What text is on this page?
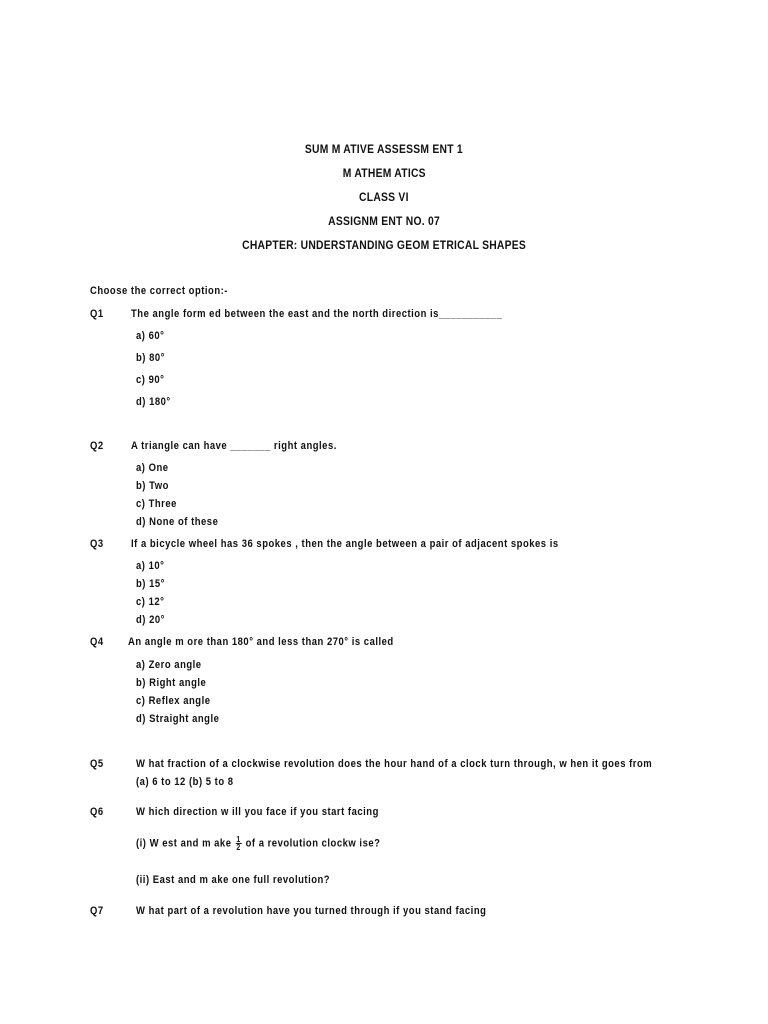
SUM M ATIVE ASSESSM ENT 1
M ATHEM ATICS
CLASS VI
ASSIGNM ENT NO. 07
CHAPTER: UNDERSTANDING GEOM ETRICAL SHAPES
Choose the correct option:-
Q1 The angle form ed between the east and the north direction is___________
a) 60°
b) 80°
c) 90°
d) 180°
Q2 A triangle can have _______ right angles.
a) One
b) Two
c) Three
d) None of these
Q3 If a bicycle wheel has 36 spokes , then the angle between a pair of adjacent spokes is
a) 10°
b) 15°
c) 12°
d) 20°
Q4 An angle m ore than 180° and less than 270° is called
a) Zero angle
b) Right angle
c) Reflex angle
d) Straight angle
Q5	W hat fraction of a clockwise revolution does the hour hand of a clock turn through, w hen it goes from
(a) 6 to 12 (b) 5 to 8
Q6	W hich direction w ill you face if you start facing
(i) W est and m ake $\frac{1}{2}$ of a revolution clockw ise?
(ii) East and m ake one full revolution?
Q7	W hat part of a revolution have you turned through if you stand facing
